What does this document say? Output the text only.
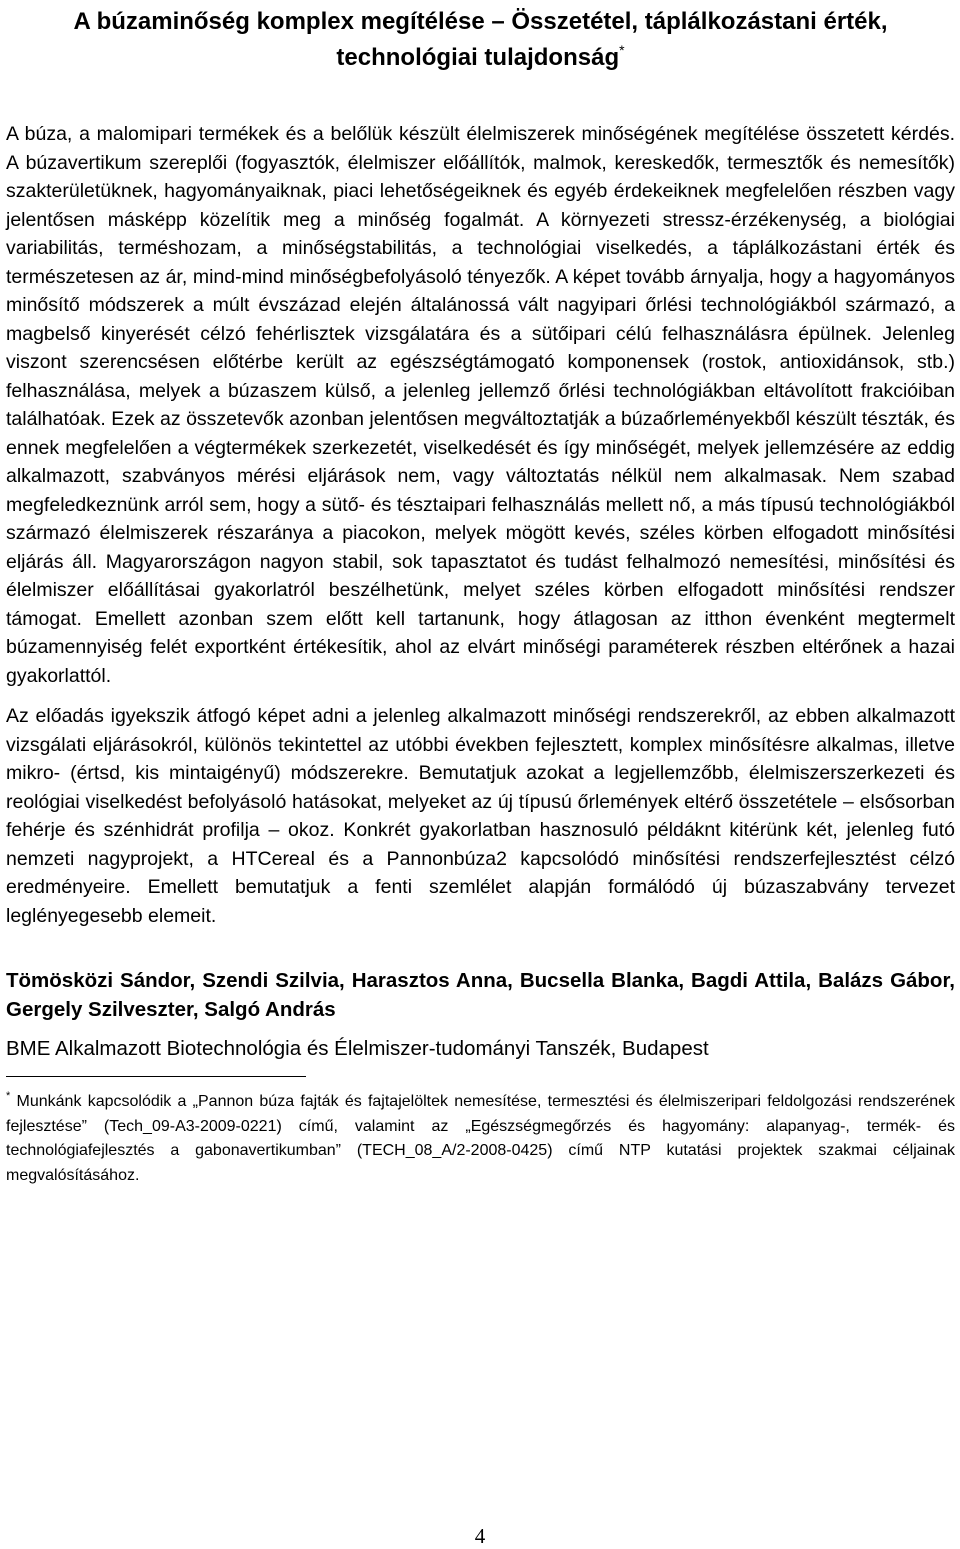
A búzaminőség komplex megítélése – Összetétel, táplálkozástani érték, technológiai tulajdonság*

A búza, a malomipari termékek és a belőlük készült élelmiszerek minőségének megítélése összetett kérdés. A búzavertikum szereplői (fogyasztók, élelmiszer előállítók, malmok, kereskedők, termesztők és nemesítők) szakterületüknek, hagyományaiknak, piaci lehetőségeiknek és egyéb érdekeiknek megfelelően részben vagy jelentősen másképp közelítik meg a minőség fogalmát. A környezeti stressz-érzékenység, a biológiai variabilitás, terméshozam, a minőségstabilitás, a technológiai viselkedés, a táplálkozástani érték és természetesen az ár, mind-mind minőségbefolyásoló tényezők. A képet tovább árnyalja, hogy a hagyományos minősítő módszerek a múlt évszázad elején általánossá vált nagyipari őrlési technológiákból származó, a magbelső kinyerését célzó fehérlisztek vizsgálatára és a sütőipari célú felhasználásra épülnek. Jelenleg viszont szerencsésen előtérbe került az egészségtámogató komponensek (rostok, antioxidánsok, stb.) felhasználása, melyek a búzaszem külső, a jelenleg jellemző őrlési technológiákban eltávolított frakcióiban találhatóak. Ezek az összetevők azonban jelentősen megváltoztatják a búzaőrleményekből készült tészták, és ennek megfelelően a végtermékek szerkezetét, viselkedését és így minőségét, melyek jellemzésére az eddig alkalmazott, szabványos mérési eljárások nem, vagy változtatás nélkül nem alkalmasak. Nem szabad megfeledkeznünk arról sem, hogy a sütő- és tésztaipari felhasználás mellett nő, a más típusú technológiákból származó élelmiszerek részaránya a piacokon, melyek mögött kevés, széles körben elfogadott minősítési eljárás áll. Magyarországon nagyon stabil, sok tapasztatot és tudást felhalmozó nemesítési, minősítési és élelmiszer előállításai gyakorlatról beszélhetünk, melyet széles körben elfogadott minősítési rendszer támogat. Emellett azonban szem előtt kell tartanunk, hogy átlagosan az itthon évenként megtermelt búzamennyiség felét exportként értékesítik, ahol az elvárt minőségi paraméterek részben eltérőnek a hazai gyakorlattól.

Az előadás igyekszik átfogó képet adni a jelenleg alkalmazott minőségi rendszerekről, az ebben alkalmazott vizsgálati eljárásokról, különös tekintettel az utóbbi években fejlesztett, komplex minősítésre alkalmas, illetve mikro- (értsd, kis mintaigényű) módszerekre. Bemutatjuk azokat a legjellemzőbb, élelmiszerszerkezeti és reológiai viselkedést befolyásoló hatásokat, melyeket az új típusú őrlemények eltérő összetétele – elsősorban fehérje és szénhidrát profilja – okoz. Konkrét gyakorlatban hasznosuló példáknt kitérünk két, jelenleg futó nemzeti nagyprojekt, a HTCereal és a Pannonbúza2 kapcsolódó minősítési rendszerfejlesztést célzó eredményeire. Emellett bemutatjuk a fenti szemlélet alapján formálódó új búzaszabvány tervezet leglényegesebb elemeit.

Tömösközi Sándor, Szendi Szilvia, Harasztos Anna, Bucsella Blanka, Bagdi Attila, Balázs Gábor, Gergely Szilveszter, Salgó András

BME Alkalmazott Biotechnológia és Élelmiszer-tudományi Tanszék, Budapest

* Munkánk kapcsolódik a „Pannon búza fajták és fajtajelöltek nemesítése, termesztési és élelmiszeripari feldolgozási rendszerének fejlesztése” (Tech_09-A3-2009-0221) című, valamint az „Egészségmegőrzés és hagyomány: alapanyag-, termék- és technológiafejlesztés a gabonavertikumban” (TECH_08_A/2-2008-0425) című NTP kutatási projektek szakmai céljainak megvalósításához.

4
